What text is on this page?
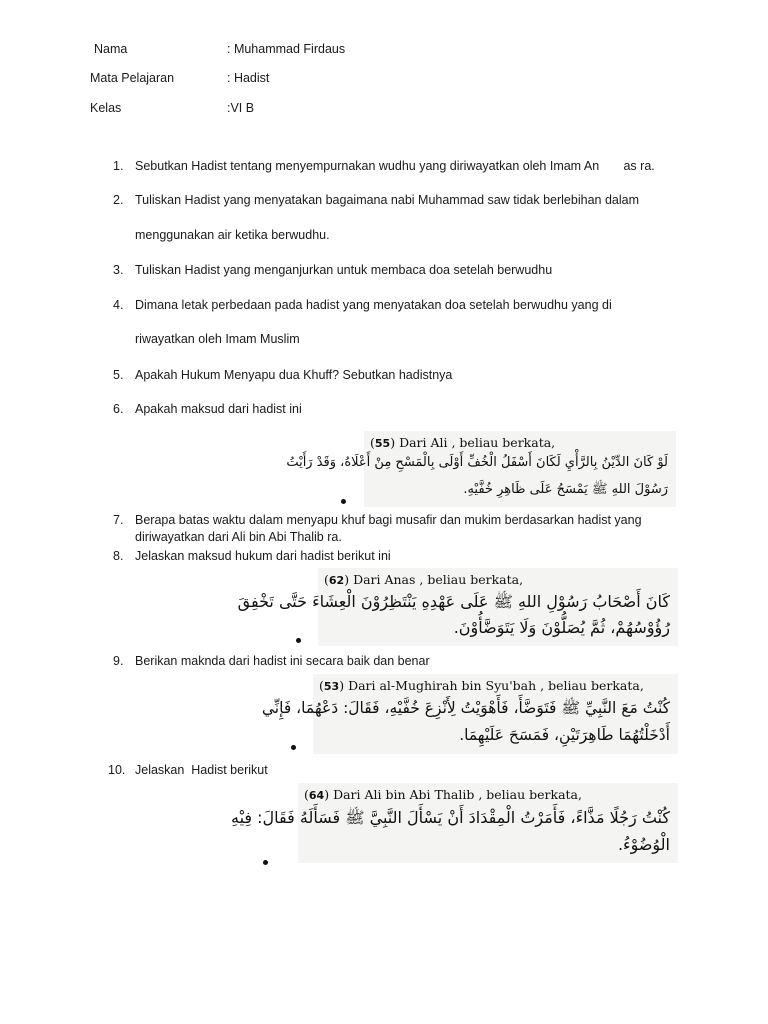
Nama	: Muhammad Firdaus
Mata Pelajaran	: Hadist
Kelas	:VI B
1. Sebutkan Hadist tentang menyempurnakan wudhu yang diriwayatkan oleh Imam An       as ra.
2. Tuliskan Hadist yang menyatakan bagaimana nabi Muhammad saw tidak berlebihan dalam
menggunakan air ketika berwudhu.
3. Tuliskan Hadist yang menganjurkan untuk membaca doa setelah berwudhu
4. Dimana letak perbedaan pada hadist yang menyatakan doa setelah berwudhu yang di
riwayatkan oleh Imam Muslim
5. Apakah Hukum Menyapu dua Khuff? Sebutkan hadistnya
6. Apakah maksud dari hadist ini
(55) Dari Ali , beliau berkata,
لَوْ كَانَ الدِّيْنُ بِالرَّأْيِ لَكَانَ أَسْفَلُ الْخُفِّ أَوْلَى بِالْمَسْحِ مِنْ أَعْلَاهُ، وَقَدْ رَأَيْتُ
رَسُوْلَ اللهِ ﷺ يَمْسَحُ عَلَى ظَاهِرِ خُفَّيْهِ.
7. Berapa batas waktu dalam menyapu khuf bagi musafir dan mukim berdasarkan hadist yang
diriwayatkan dari Ali bin Abi Thalib ra.
8. Jelaskan maksud hukum dari hadist berikut ini
(62) Dari Anas , beliau berkata,
كَانَ أَصْحَابُ رَسُوْلِ اللهِ ﷺ عَلَى عَهْدِهِ يَنْتَظِرُوْنَ الْعِشَاءَ حَتَّى تَخْفِقَ
رُؤُوْسُهُمْ، ثُمَّ يُصَلُّوْنَ وَلَا يَتَوَضَّأُوْنَ.
9. Berikan maknda dari hadist ini secara baik dan benar
(53) Dari al-Mughirah bin Syu'bah , beliau berkata,
كُنْتُ مَعَ النَّبِيِّ ﷺ فَتَوَضَّأَ، فَأَهْوَيْتُ لِأَنْزِعَ خُفَّيْهِ، فَقَالَ: دَعْهُمَا، فَإِنِّي
أَدْخَلْتُهُمَا طَاهِرَتَيْنِ، فَمَسَحَ عَلَيْهِمَا.
10. Jelaskan  Hadist berikut
(64) Dari Ali bin Abi Thalib , beliau berkata,
كُنْتُ رَجُلًا مَذَّاءً، فَأَمَرْتُ الْمِقْدَادَ أَنْ يَسْأَلَ النَّبِيَّ ﷺ فَسَأَلَهُ فَقَالَ: فِيْهِ
الْوُضُوْءُ.
